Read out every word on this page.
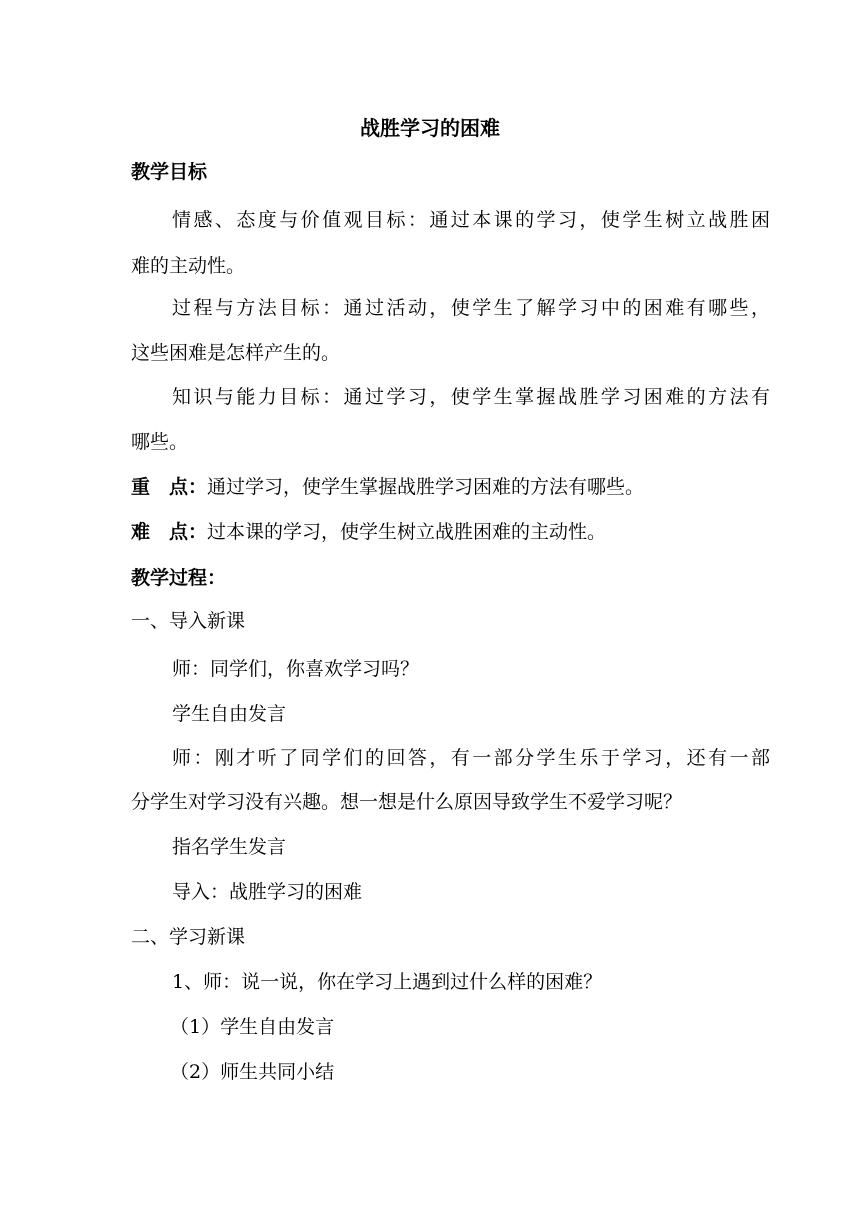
战胜学习的困难
教学目标
情感、态度与价值观目标：通过本课的学习，使学生树立战胜困
难的主动性。
过程与方法目标：通过活动，使学生了解学习中的困难有哪些，
这些困难是怎样产生的。
知识与能力目标：通过学习，使学生掌握战胜学习困难的方法有
哪些。
重　点：通过学习，使学生掌握战胜学习困难的方法有哪些。
难　点：过本课的学习，使学生树立战胜困难的主动性。
教学过程：
一、导入新课
师：同学们，你喜欢学习吗？
学生自由发言
师：刚才听了同学们的回答，有一部分学生乐于学习，还有一部
分学生对学习没有兴趣。想一想是什么原因导致学生不爱学习呢？
指名学生发言
导入：战胜学习的困难
二、学习新课
1、师：说一说，你在学习上遇到过什么样的困难？
（1）学生自由发言
（2）师生共同小结
